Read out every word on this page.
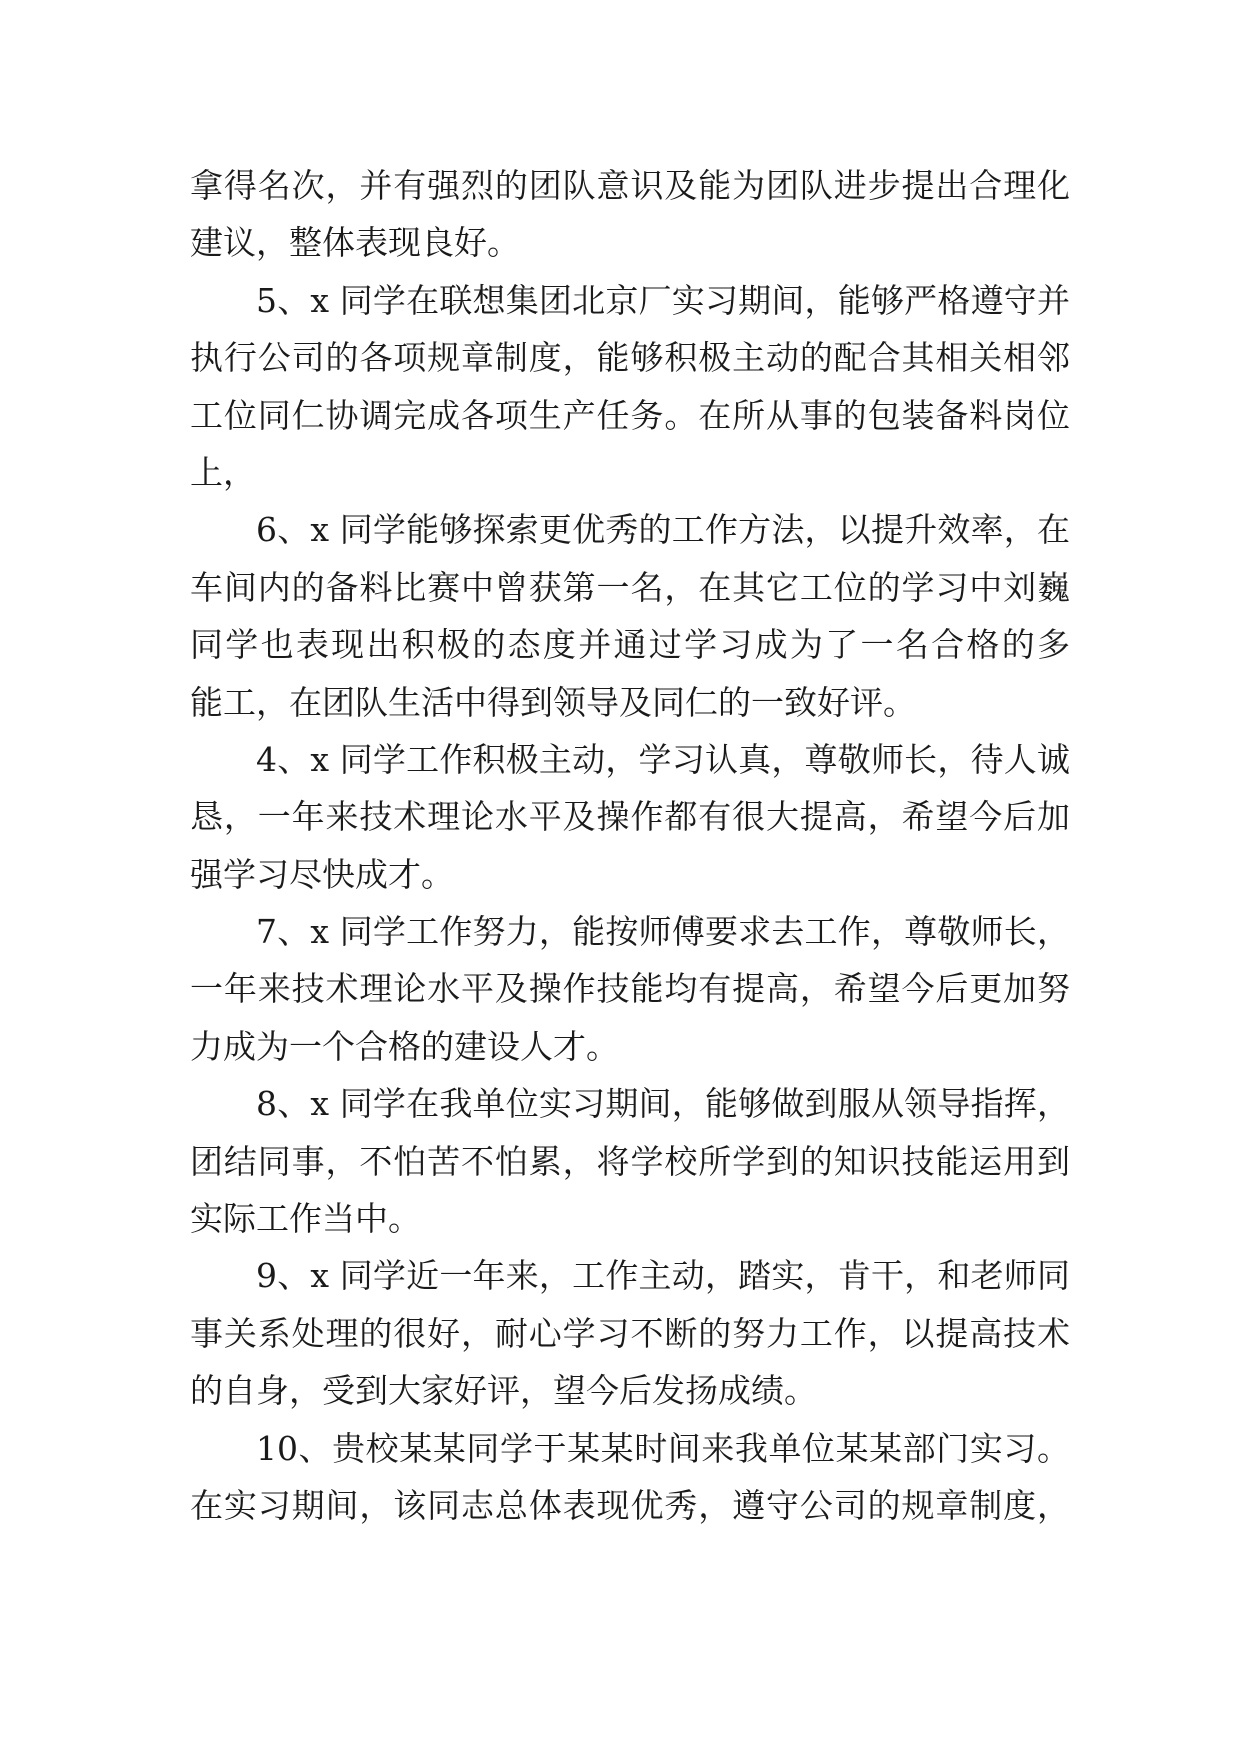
拿得名次，并有强烈的团队意识及能为团队进步提出合理化
建议，整体表现良好。
5、x 同学在联想集团北京厂实习期间，能够严格遵守并
执行公司的各项规章制度，能够积极主动的配合其相关相邻
工位同仁协调完成各项生产任务。在所从事的包装备料岗位
上，
6、x 同学能够探索更优秀的工作方法，以提升效率，在
车间内的备料比赛中曾获第一名，在其它工位的学习中刘巍
同学也表现出积极的态度并通过学习成为了一名合格的多
能工，在团队生活中得到领导及同仁的一致好评。
4、x 同学工作积极主动，学习认真，尊敬师长，待人诚
恳，一年来技术理论水平及操作都有很大提高，希望今后加
强学习尽快成才。
7、x 同学工作努力，能按师傅要求去工作，尊敬师长，
一年来技术理论水平及操作技能均有提高，希望今后更加努
力成为一个合格的建设人才。
8、x 同学在我单位实习期间，能够做到服从领导指挥，
团结同事，不怕苦不怕累，将学校所学到的知识技能运用到
实际工作当中。
9、x 同学近一年来，工作主动，踏实，肯干，和老师同
事关系处理的很好，耐心学习不断的努力工作，以提高技术
的自身，受到大家好评，望今后发扬成绩。
10、贵校某某同学于某某时间来我单位某某部门实习。
在实习期间，该同志总体表现优秀，遵守公司的规章制度，
